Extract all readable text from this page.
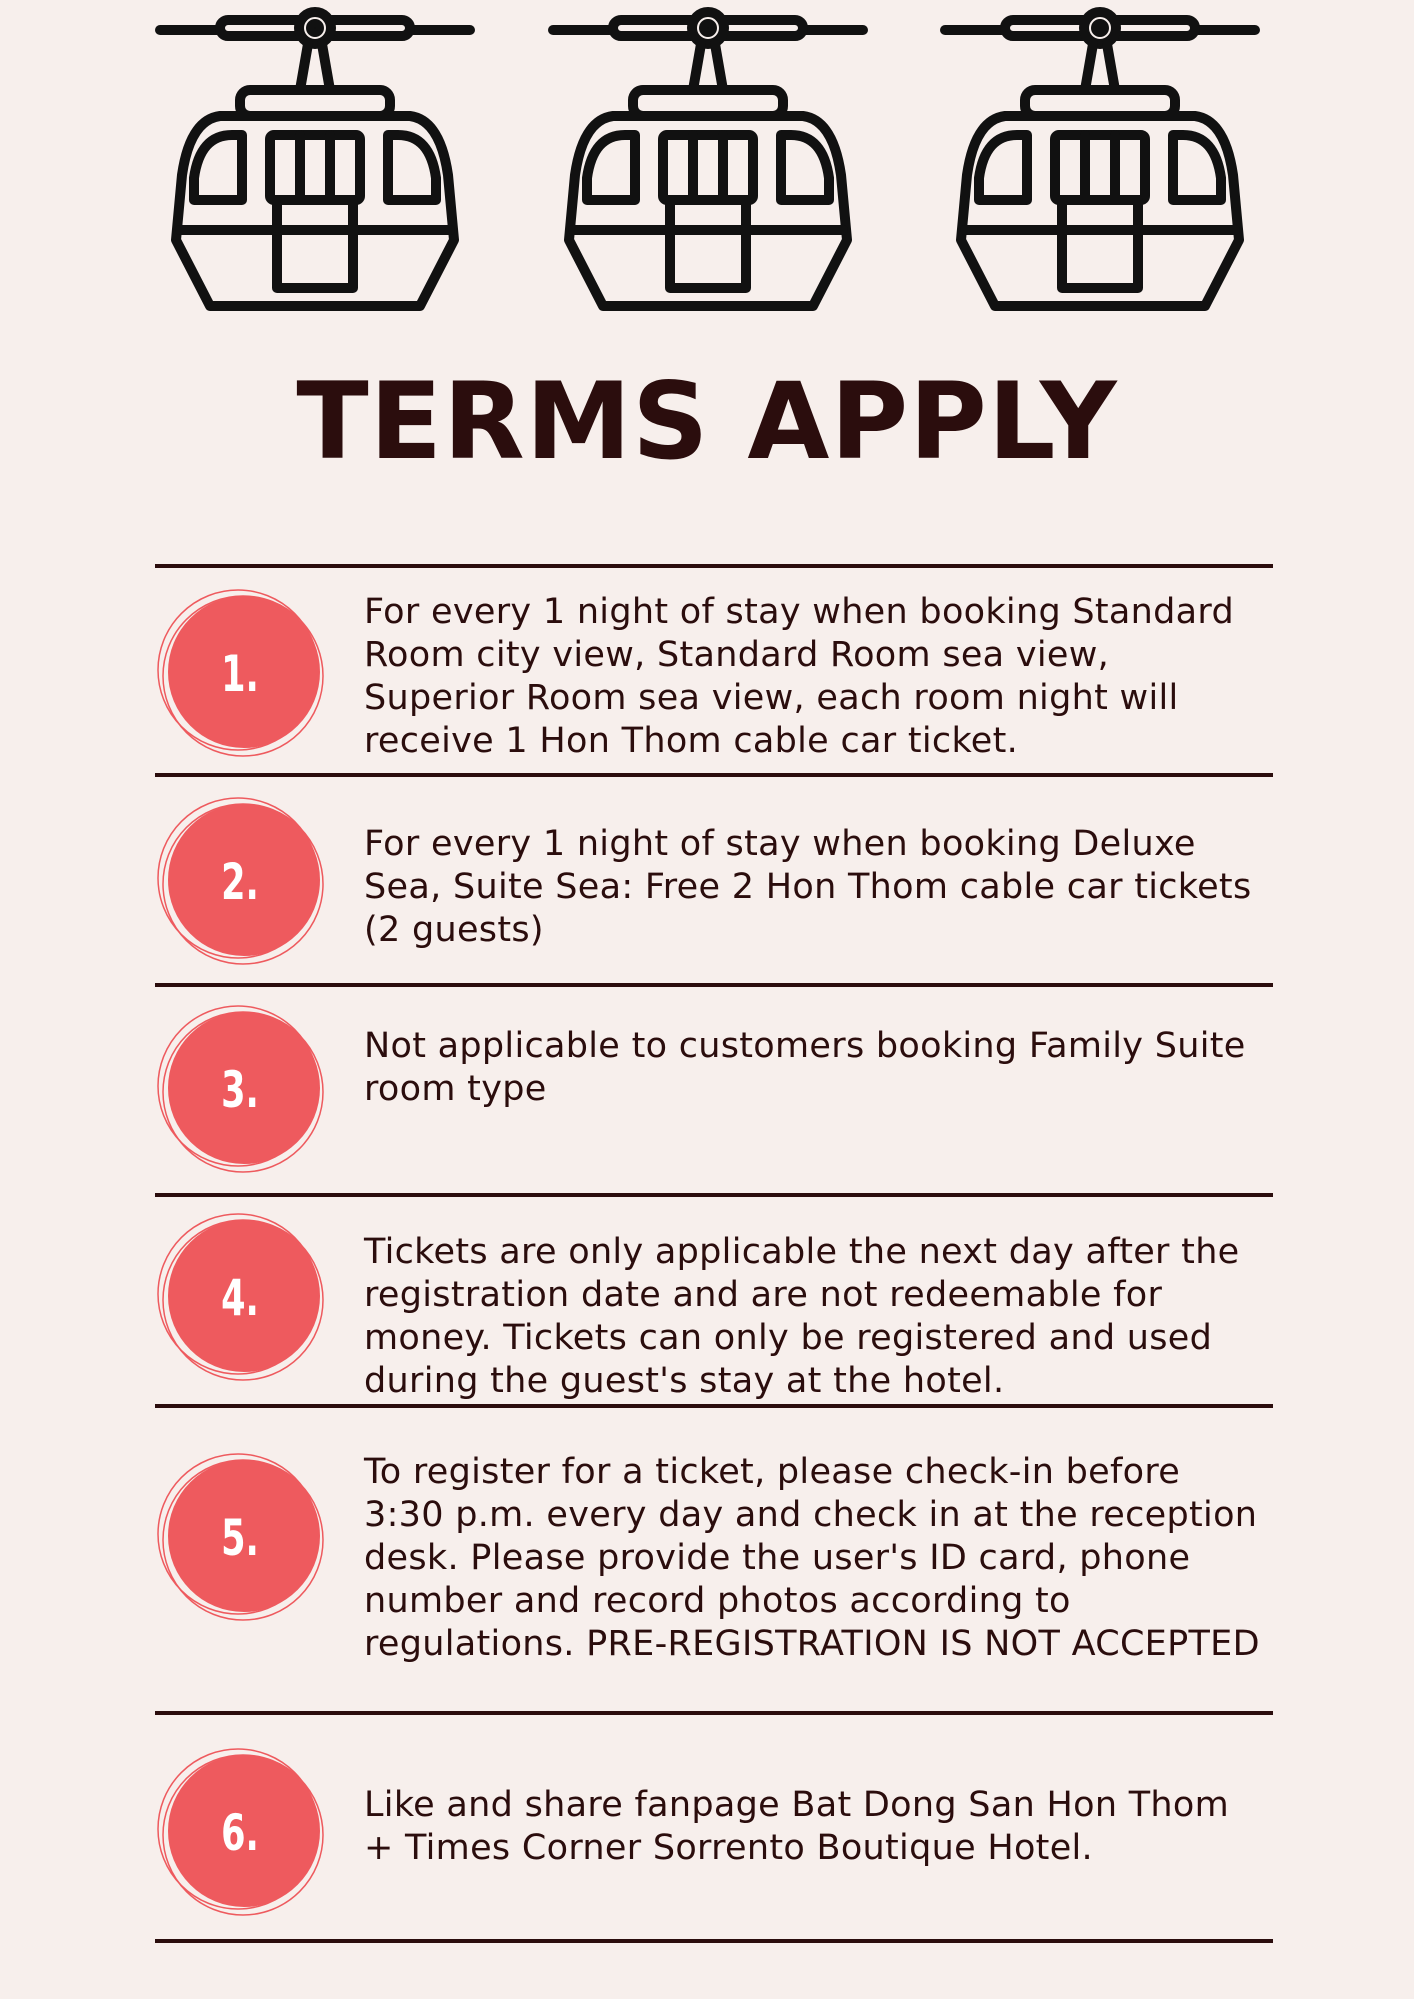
TERMS APPLY
1.
For every 1 night of stay when booking Standard Room city view, Standard Room sea view, Superior Room sea view, each room night will receive 1 Hon Thom cable car ticket.
2.
For every 1 night of stay when booking Deluxe Sea, Suite Sea: Free 2 Hon Thom cable car tickets (2 guests)
3.
Not applicable to customers booking Family Suite room type
4.
Tickets are only applicable the next day after the registration date and are not redeemable for money. Tickets can only be registered and used during the guest's stay at the hotel.
5.
To register for a ticket, please check-in before 3:30 p.m. every day and check in at the reception desk. Please provide the user's ID card, phone number and record photos according to regulations. PRE-REGISTRATION IS NOT ACCEPTED
6.	Like and share fanpage Bat Dong San Hon Thom + Times Corner Sorrento Boutique Hotel.
